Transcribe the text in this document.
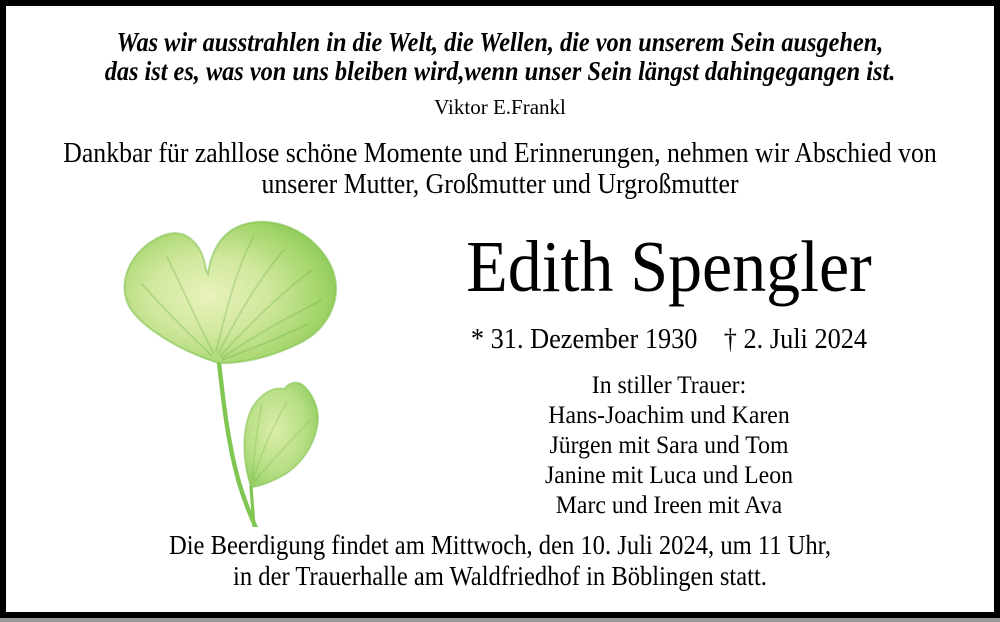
Was wir ausstrahlen in die Welt, die Wellen, die von unserem Sein ausgehen,
das ist es, was von uns bleiben wird,wenn unser Sein längst dahingegangen ist.
Viktor E.Frankl
Dankbar für zahllose schöne Momente und Erinnerungen, nehmen wir Abschied von
unserer Mutter, Großmutter und Urgroßmutter
Edith Spengler
* 31. Dezember 1930 † 2. Juli 2024
In stiller Trauer:
Hans-Joachim und Karen
Jürgen mit Sara und Tom
Janine mit Luca und Leon
Marc und Ireen mit Ava
Die Beerdigung findet am Mittwoch, den 10. Juli 2024, um 11 Uhr,
in der Trauerhalle am Waldfriedhof in Böblingen statt.
